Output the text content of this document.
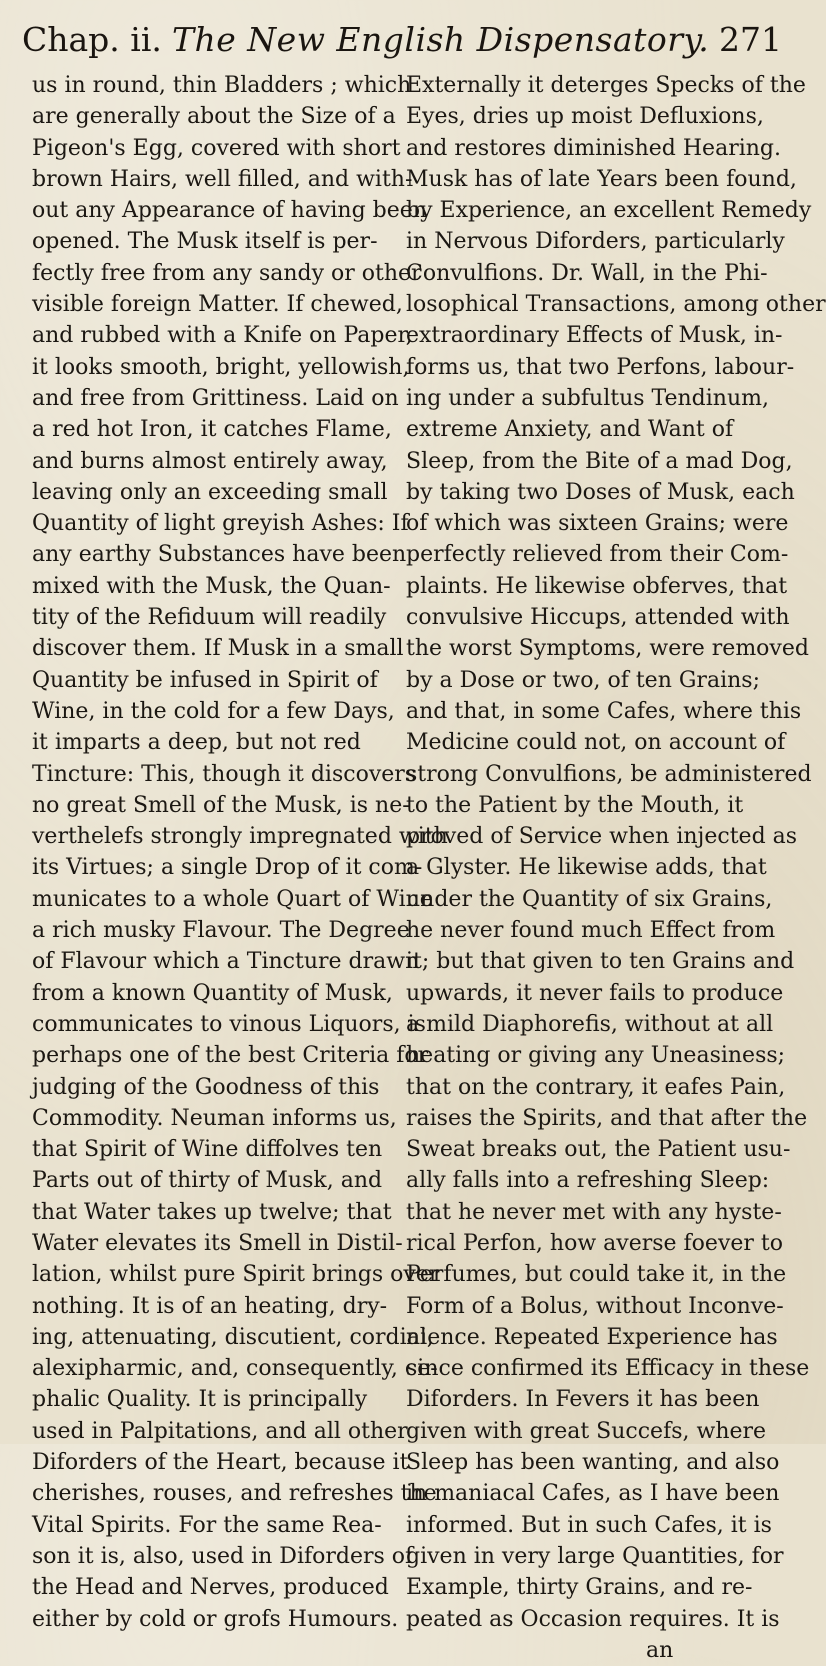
Chap. ii. The New English Dispensatory. 271
us in round, thin Bladders ; which
are generally about the Size of a
Pigeon's Egg, covered with short
brown Hairs, well filled, and with-
out any Appearance of having been
opened. The Musk itself is per-
fectly free from any sandy or other
visible foreign Matter. If chewed,
and rubbed with a Knife on Paper,
it looks smooth, bright, yellowish,
and free from Grittiness. Laid on
a red hot Iron, it catches Flame,
and burns almost entirely away,
leaving only an exceeding small
Quantity of light greyish Ashes: If
any earthy Substances have been
mixed with the Musk, the Quan-
tity of the Refiduum will readily
discover them. If Musk in a small
Quantity be infused in Spirit of
Wine, in the cold for a few Days,
it imparts a deep, but not red
Tincture: This, though it discovers
no great Smell of the Musk, is ne-
verthelefs strongly impregnated with
its Virtues; a single Drop of it com-
municates to a whole Quart of Wine
a rich musky Flavour. The Degree
of Flavour which a Tincture drawn
from a known Quantity of Musk,
communicates to vinous Liquors, is
perhaps one of the best Criteria for
judging of the Goodness of this
Commodity. Neuman informs us,
that Spirit of Wine diffolves ten
Parts out of thirty of Musk, and
that Water takes up twelve; that
Water elevates its Smell in Distil-
lation, whilst pure Spirit brings over
nothing. It is of an heating, dry-
ing, attenuating, discutient, cordial,
alexipharmic, and, consequently, ce-
phalic Quality. It is principally
used in Palpitations, and all other
Diforders of the Heart, because it
cherishes, rouses, and refreshes the
Vital Spirits. For the same Rea-
son it is, also, used in Diforders of
the Head and Nerves, produced
either by cold or grofs Humours.
Externally it deterges Specks of the
Eyes, dries up moist Defluxions,
and restores diminished Hearing.
Musk has of late Years been found,
by Experience, an excellent Remedy
in Nervous Diforders, particularly
Convulfions. Dr. Wall, in the Phi-
losophical Transactions, among other
extraordinary Effects of Musk, in-
forms us, that two Perfons, labour-
ing under a subfultus Tendinum,
extreme Anxiety, and Want of
Sleep, from the Bite of a mad Dog,
by taking two Doses of Musk, each
of which was sixteen Grains; were
perfectly relieved from their Com-
plaints. He likewise obferves, that
convulsive Hiccups, attended with
the worst Symptoms, were removed
by a Dose or two, of ten Grains;
and that, in some Cafes, where this
Medicine could not, on account of
strong Convulfions, be administered
to the Patient by the Mouth, it
proved of Service when injected as
a Glyster. He likewise adds, that
under the Quantity of six Grains,
he never found much Effect from
it; but that given to ten Grains and
upwards, it never fails to produce
a mild Diaphorefis, without at all
heating or giving any Uneasiness;
that on the contrary, it eafes Pain,
raises the Spirits, and that after the
Sweat breaks out, the Patient usu-
ally falls into a refreshing Sleep:
that he never met with any hyste-
rical Perfon, how averse foever to
Perfumes, but could take it, in the
Form of a Bolus, without Inconve-
nience. Repeated Experience has
since confirmed its Efficacy in these
Diforders. In Fevers it has been
given with great Succefs, where
Sleep has been wanting, and also
in maniacal Cafes, as I have been
informed. But in such Cafes, it is
given in very large Quantities, for
Example, thirty Grains, and re-
peated as Occasion requires. It is
an
